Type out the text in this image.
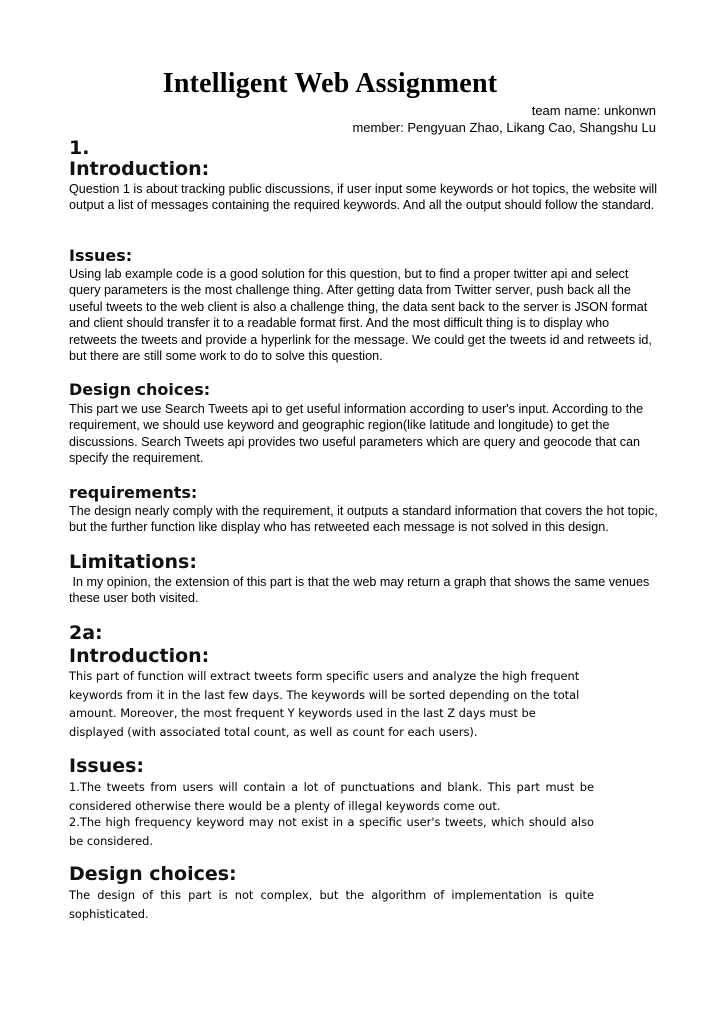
Intelligent Web Assignment
team name: unkonwn
member: Pengyuan Zhao, Likang Cao, Shangshu Lu
1.
Introduction:
Question 1 is about tracking public discussions, if user input some keywords or hot topics, the website will output a list of messages containing the required keywords. And all the output should follow the standard.
Issues:
Using lab example code is a good solution for this question, but to find a proper twitter api and select query parameters is the most challenge thing. After getting data from Twitter server, push back all the useful tweets to the web client is also a challenge thing, the data sent back to the server is JSON format and client should transfer it to a readable format first. And the most difficult thing is to display who retweets the tweets and provide a hyperlink for the message. We could get the tweets id and retweets id, but there are still some work to do to solve this question.
Design choices:
This part we use Search Tweets api to get useful information according to user's input. According to the requirement, we should use keyword and geographic region(like latitude and longitude) to get the discussions. Search Tweets api provides two useful parameters which are query and geocode that can specify the requirement.
requirements:
The design nearly comply with the requirement, it outputs a standard information that covers the hot topic, but the further function like display who has retweeted each message is not solved in this design.
Limitations:
In my opinion, the extension of this part is that the web may return a graph that shows the same venues these user both visited.
2a:
Introduction:
This part of function will extract tweets form specific users and analyze the high frequent keywords from it in the last few days. The keywords will be sorted depending on the total amount. Moreover, the most frequent Y keywords used in the last Z days must be displayed (with associated total count, as well as count for each users).
Issues:
1.The tweets from users will contain a lot of punctuations and blank. This part must be considered otherwise there would be a plenty of illegal keywords come out.
2.The high frequency keyword may not exist in a specific user's tweets, which should also be considered.
Design choices:
The design of this part is not complex, but the algorithm of implementation is quite sophisticated.
